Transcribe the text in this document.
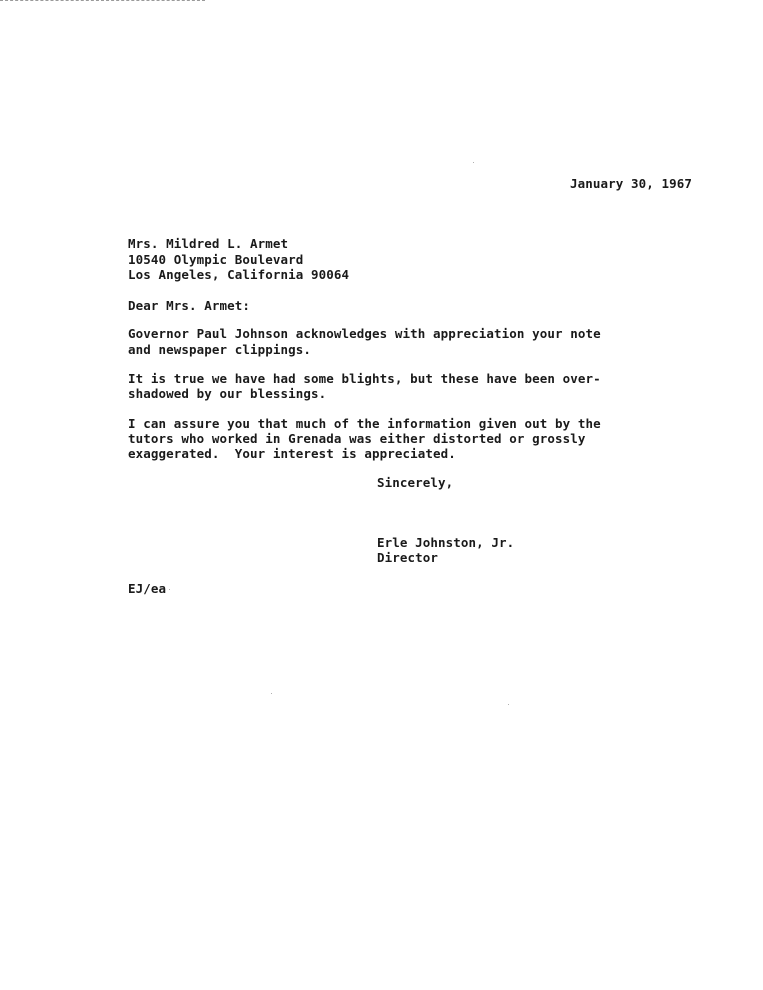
January 30, 1967
Mrs. Mildred L. Armet
10540 Olympic Boulevard
Los Angeles, California 90064
Dear Mrs. Armet:
Governor Paul Johnson acknowledges with appreciation your note
and newspaper clippings.
It is true we have had some blights, but these have been over-
shadowed by our blessings.
I can assure you that much of the information given out by the
tutors who worked in Grenada was either distorted or grossly
exaggerated.  Your interest is appreciated.
Sincerely,
Erle Johnston, Jr.
Director
EJ/ea
